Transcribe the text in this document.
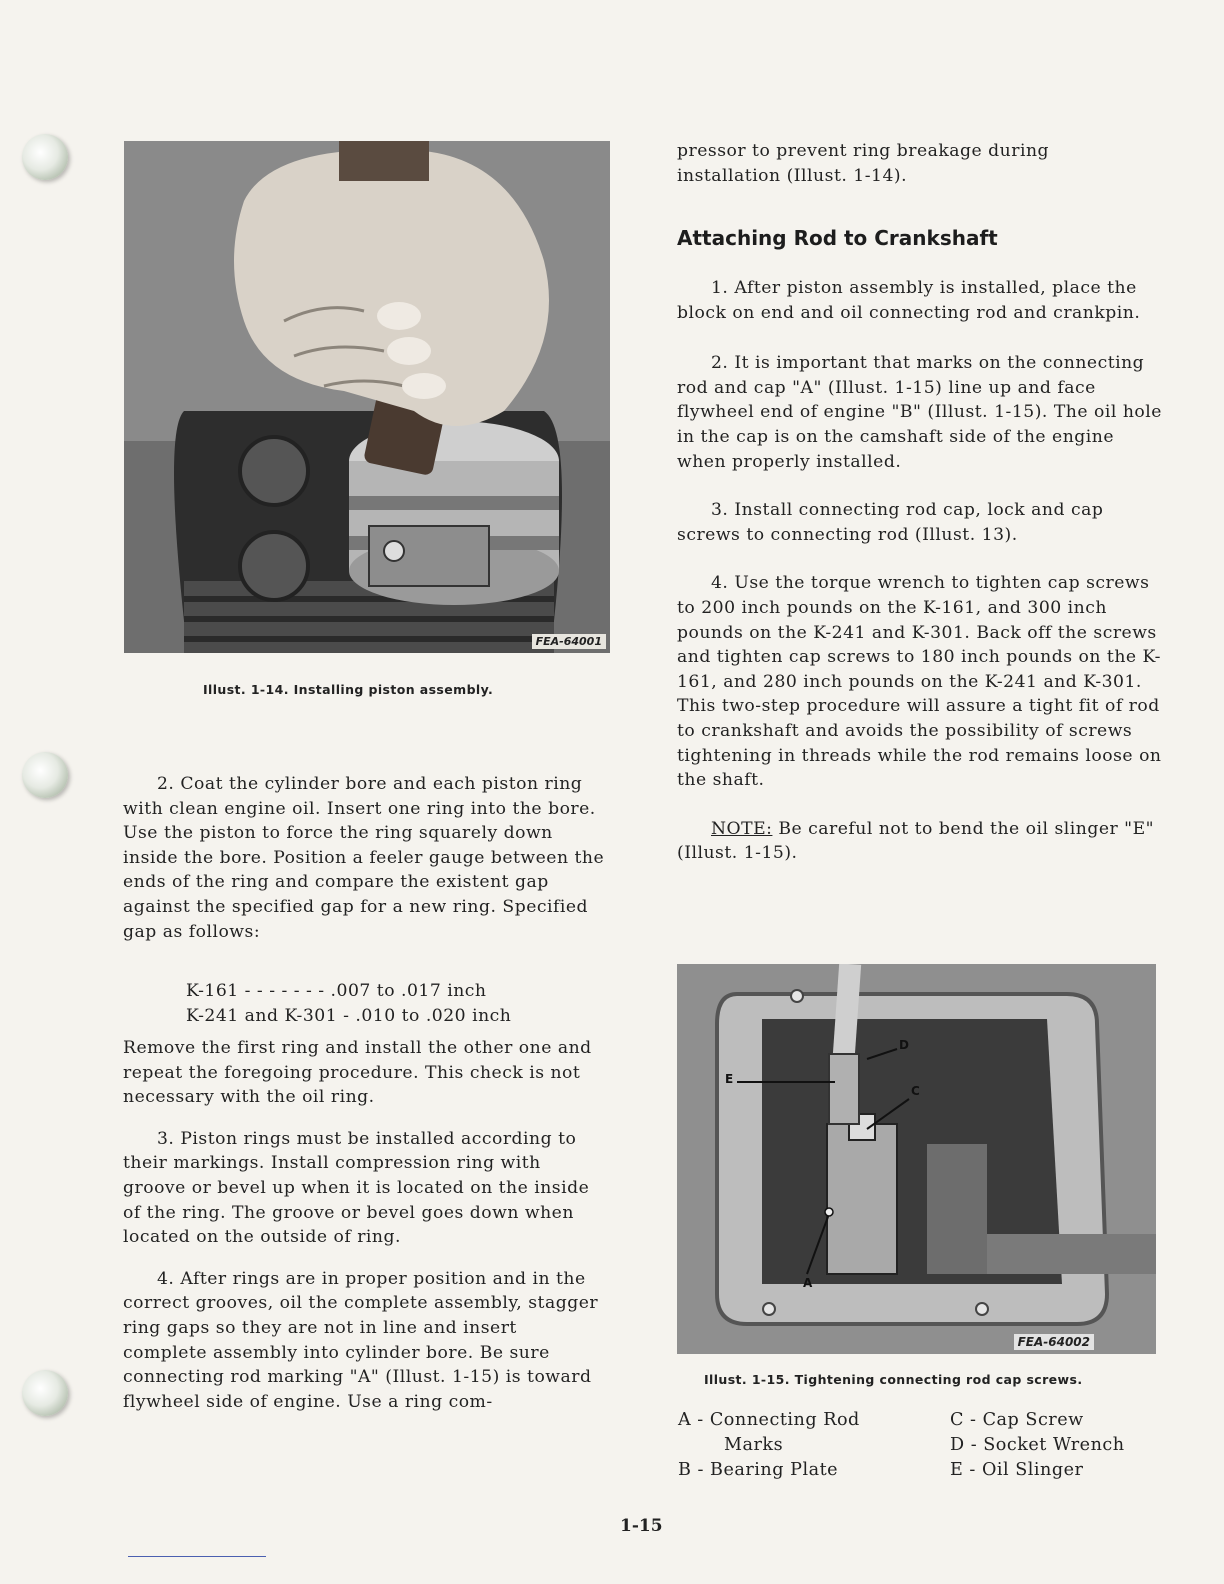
FEA-64001
Illust. 1-14. Installing piston assembly.

2. Coat the cylinder bore and each piston ring with clean engine oil. Insert one ring into the bore. Use the piston to force the ring squarely down inside the bore. Position a feeler gauge between the ends of the ring and compare the existent gap against the specified gap for a new ring. Specified gap as follows:

K-161 - - - - - - - .007 to .017 inch
K-241 and K-301 - .010 to .020 inch

Remove the first ring and install the other one and repeat the foregoing procedure. This check is not necessary with the oil ring.

3. Piston rings must be installed according to their markings. Install compression ring with groove or bevel up when it is located on the inside of the ring. The groove or bevel goes down when located on the outside of ring.

4. After rings are in proper position and in the correct grooves, oil the complete assembly, stagger ring gaps so they are not in line and insert complete assembly into cylinder bore. Be sure connecting rod marking "A" (Illust. 1-15) is toward flywheel side of engine. Use a ring com-

pressor to prevent ring breakage during installation (Illust. 1-14).

Attaching Rod to Crankshaft

1. After piston assembly is installed, place the block on end and oil connecting rod and crankpin.

2. It is important that marks on the connecting rod and cap "A" (Illust. 1-15) line up and face flywheel end of engine "B" (Illust. 1-15). The oil hole in the cap is on the camshaft side of the engine when properly installed.

3. Install connecting rod cap, lock and cap screws to connecting rod (Illust. 13).

4. Use the torque wrench to tighten cap screws to 200 inch pounds on the K-161, and 300 inch pounds on the K-241 and K-301. Back off the screws and tighten cap screws to 180 inch pounds on the K-161, and 280 inch pounds on the K-241 and K-301. This two-step procedure will assure a tight fit of rod to crankshaft and avoids the possibility of screws tightening in threads while the rod remains loose on the shaft.

NOTE: Be careful not to bend the oil slinger "E" (Illust. 1-15).

E
D
C
A
FEA-64002
Illust. 1-15. Tightening connecting rod cap screws.
A - Connecting Rod
Marks
B - Bearing Plate
C - Cap Screw
D - Socket Wrench
E - Oil Slinger
1-15
